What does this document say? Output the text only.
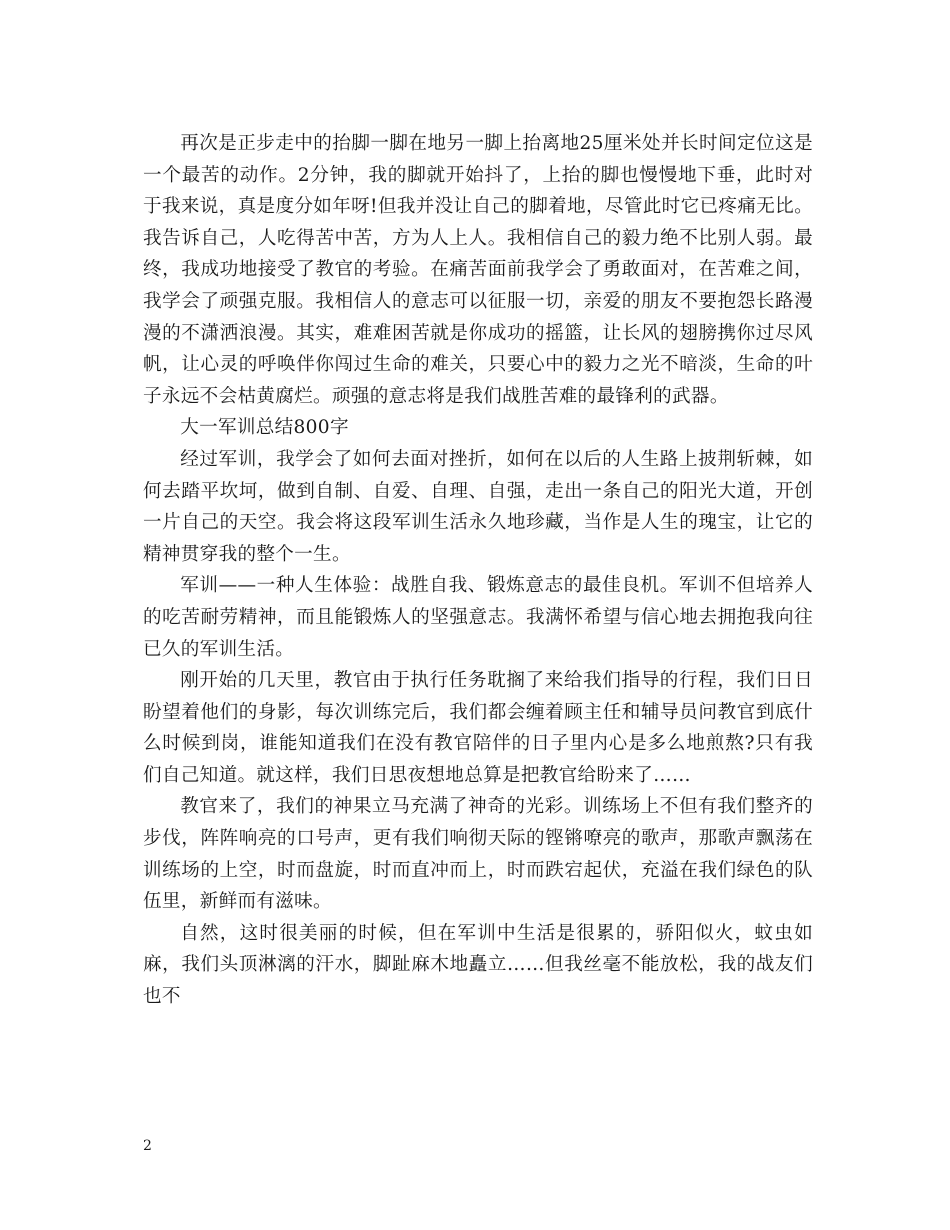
再次是正步走中的抬脚一脚在地另一脚上抬离地25厘米处并长时间定位这是一个最苦的动作。2分钟，我的脚就开始抖了，上抬的脚也慢慢地下垂，此时对于我来说，真是度分如年呀!但我并没让自己的脚着地，尽管此时它已疼痛无比。我告诉自己，人吃得苦中苦，方为人上人。我相信自己的毅力绝不比别人弱。最终，我成功地接受了教官的考验。在痛苦面前我学会了勇敢面对，在苦难之间，我学会了顽强克服。我相信人的意志可以征服一切，亲爱的朋友不要抱怨长路漫漫的不潇洒浪漫。其实，难难困苦就是你成功的摇篮，让长风的翅膀携你过尽风帆，让心灵的呼唤伴你闯过生命的难关，只要心中的毅力之光不暗淡，生命的叶子永远不会枯黄腐烂。顽强的意志将是我们战胜苦难的最锋利的武器。

大一军训总结800字

经过军训，我学会了如何去面对挫折，如何在以后的人生路上披荆斩棘，如何去踏平坎坷，做到自制、自爱、自理、自强，走出一条自己的阳光大道，开创一片自己的天空。我会将这段军训生活永久地珍藏，当作是人生的瑰宝，让它的精神贯穿我的整个一生。

军训——一种人生体验：战胜自我、锻炼意志的最佳良机。军训不但培养人的吃苦耐劳精神，而且能锻炼人的坚强意志。我满怀希望与信心地去拥抱我向往已久的军训生活。

刚开始的几天里，教官由于执行任务耽搁了来给我们指导的行程，我们日日盼望着他们的身影，每次训练完后，我们都会缠着顾主任和辅导员问教官到底什么时候到岗，谁能知道我们在没有教官陪伴的日子里内心是多么地煎熬?只有我们自己知道。就这样，我们日思夜想地总算是把教官给盼来了……

教官来了，我们的神果立马充满了神奇的光彩。训练场上不但有我们整齐的步伐，阵阵响亮的口号声，更有我们响彻天际的铿锵嘹亮的歌声，那歌声飘荡在训练场的上空，时而盘旋，时而直冲而上，时而跌宕起伏，充溢在我们绿色的队伍里，新鲜而有滋味。

自然，这时很美丽的时候，但在军训中生活是很累的，骄阳似火，蚊虫如麻，我们头顶淋漓的汗水，脚趾麻木地矗立……但我丝毫不能放松，我的战友们也不

2
